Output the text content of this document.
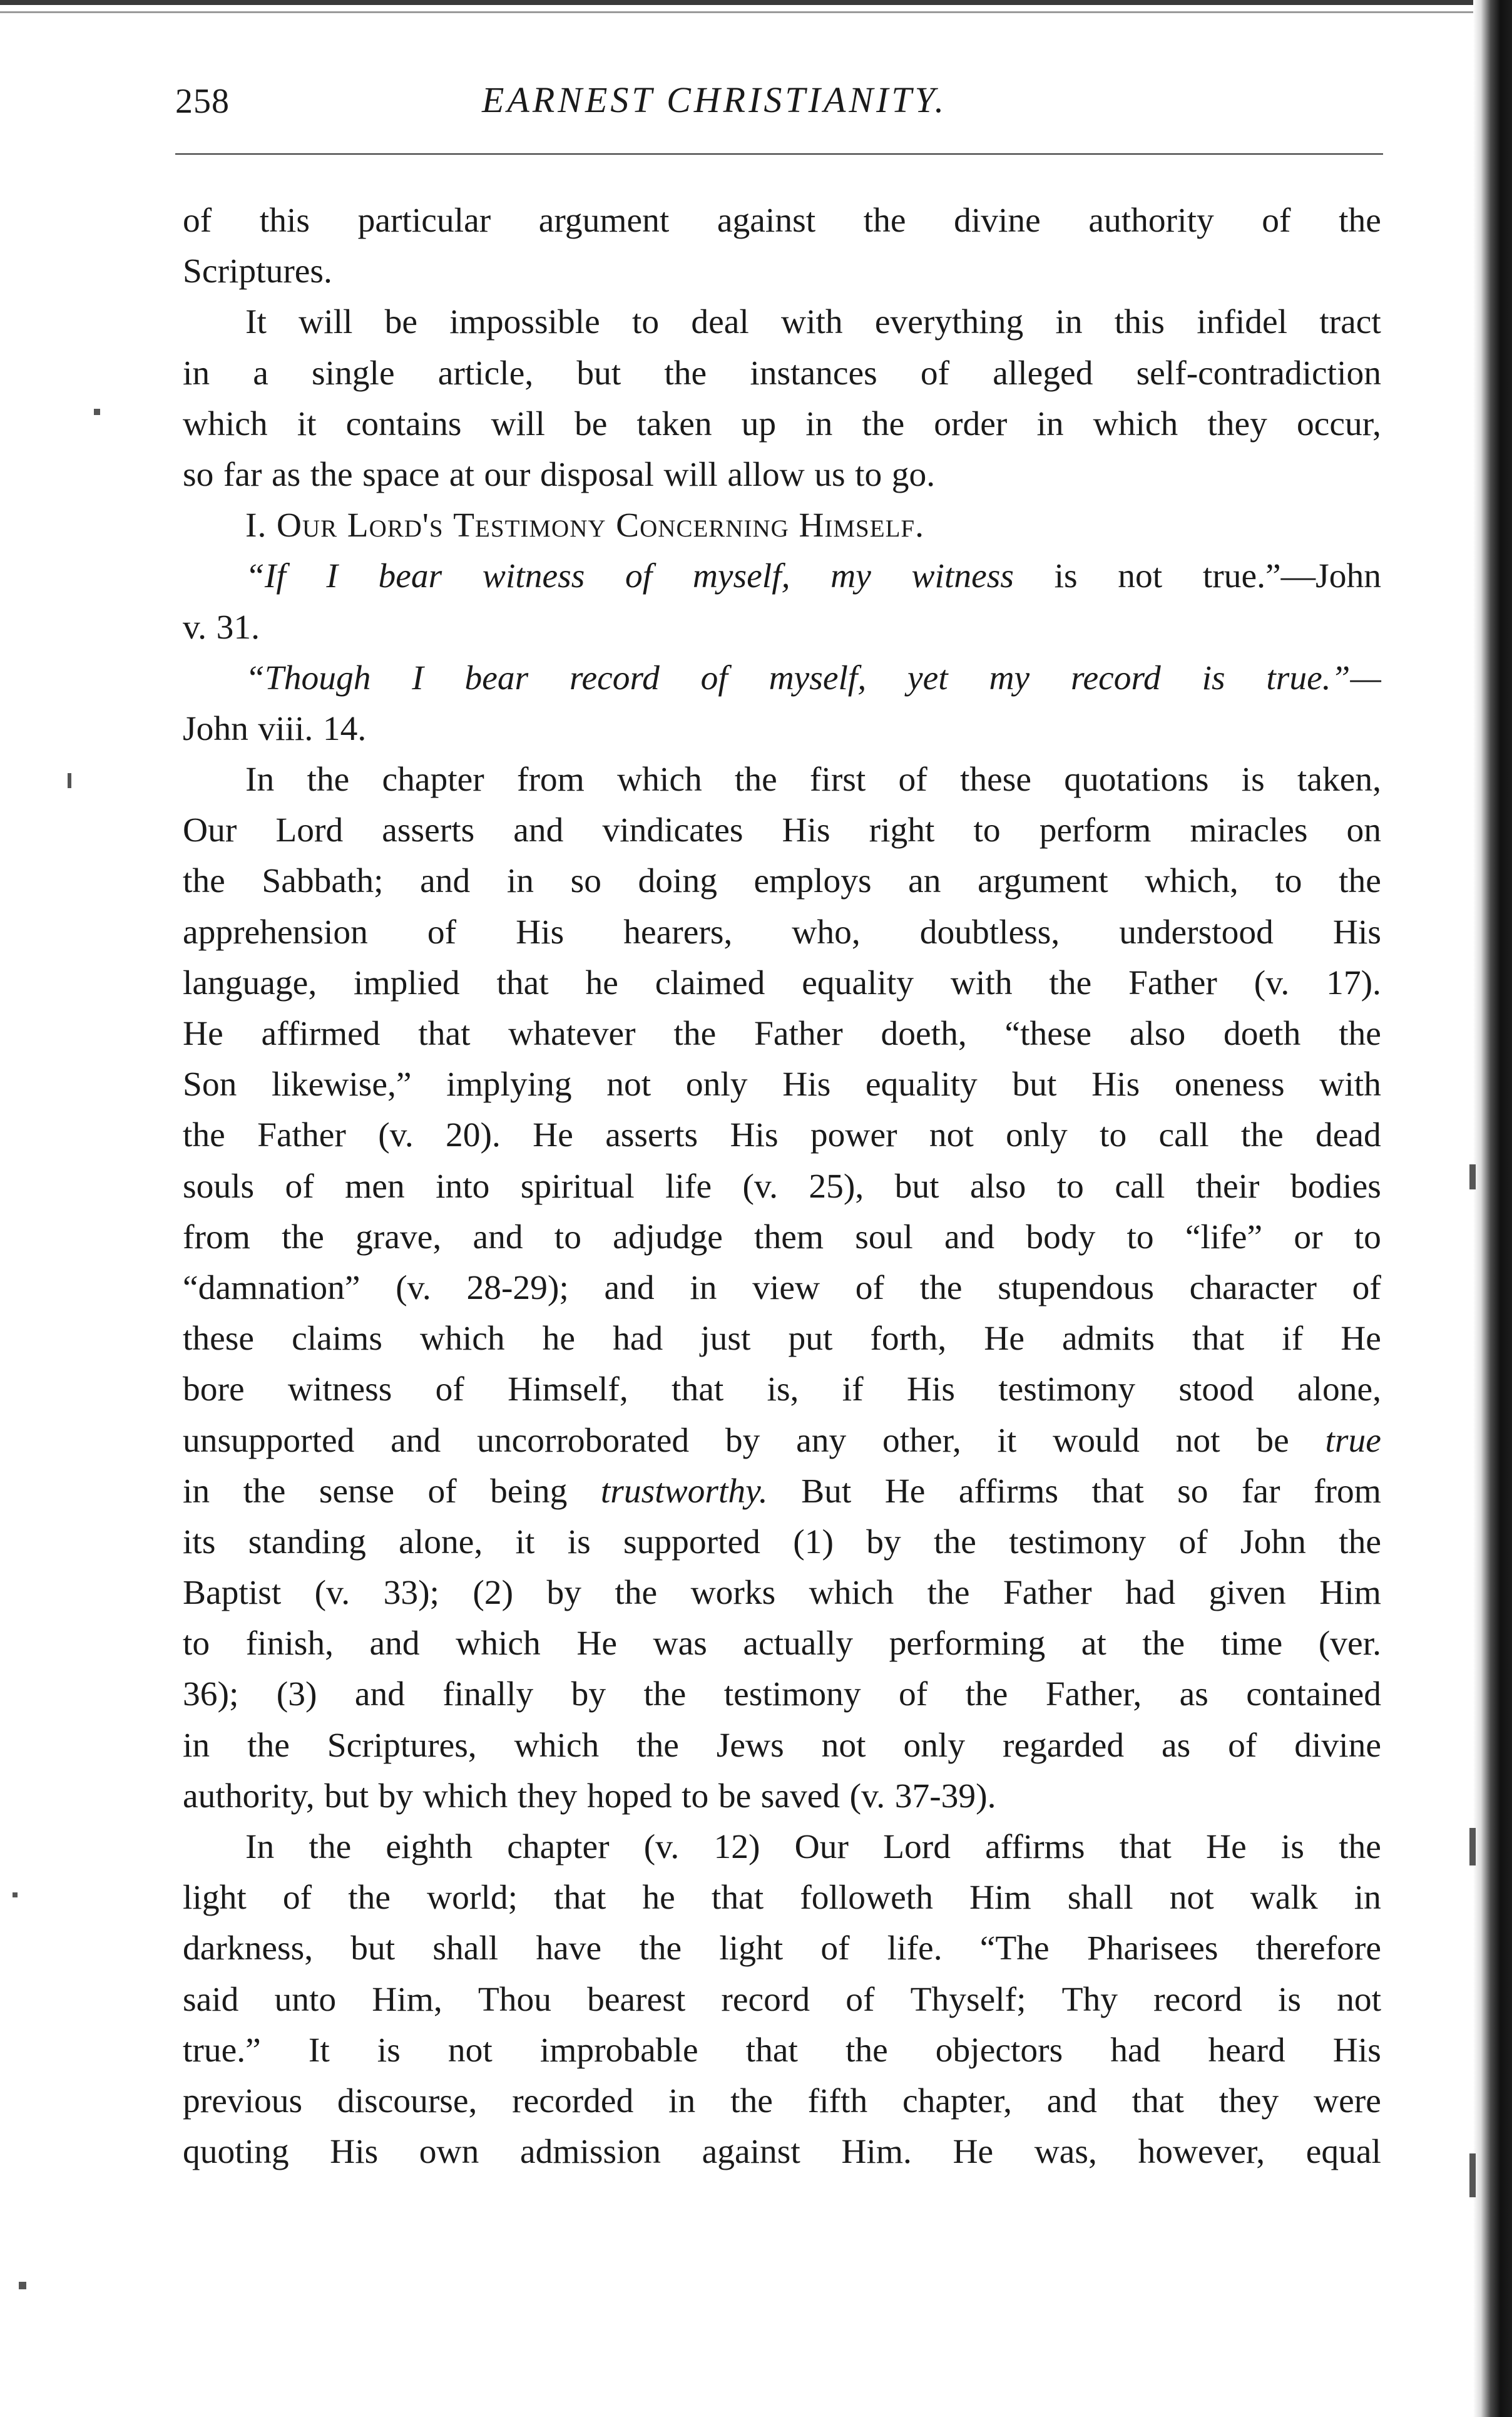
258	EARNEST CHRISTIANITY.
of this particular argument against the divine authority of the
Scriptures.
It will be impossible to deal with everything in this infidel tract
in a single article, but the instances of alleged self-contradiction
which it contains will be taken up in the order in which they occur,
so far as the space at our disposal will allow us to go.
I. Our Lord's Testimony Concerning Himself.
“If I bear witness of myself, my witness is not true.”—John
v. 31.
“Though I bear record of myself, yet my record is true.”—
John viii. 14.
In the chapter from which the first of these quotations is taken,
Our Lord asserts and vindicates His right to perform miracles on
the Sabbath; and in so doing employs an argument which, to the
apprehension of His hearers, who, doubtless, understood His
language, implied that he claimed equality with the Father (v. 17).
He affirmed that whatever the Father doeth, “these also doeth the
Son likewise,” implying not only His equality but His oneness with
the Father (v. 20). He asserts His power not only to call the dead
souls of men into spiritual life (v. 25), but also to call their bodies
from the grave, and to adjudge them soul and body to “life” or to
“damnation” (v. 28-29); and in view of the stupendous character of
these claims which he had just put forth, He admits that if He
bore witness of Himself, that is, if His testimony stood alone,
unsupported and uncorroborated by any other, it would not be true
in the sense of being trustworthy. But He affirms that so far from
its standing alone, it is supported (1) by the testimony of John the
Baptist (v. 33); (2) by the works which the Father had given Him
to finish, and which He was actually performing at the time (ver.
36); (3) and finally by the testimony of the Father, as contained
in the Scriptures, which the Jews not only regarded as of divine
authority, but by which they hoped to be saved (v. 37-39).
In the eighth chapter (v. 12) Our Lord affirms that He is the
light of the world; that he that followeth Him shall not walk in
darkness, but shall have the light of life. “The Pharisees therefore
said unto Him, Thou bearest record of Thyself; Thy record is not
true.” It is not improbable that the objectors had heard His
previous discourse, recorded in the fifth chapter, and that they were
quoting His own admission against Him. He was, however, equal
